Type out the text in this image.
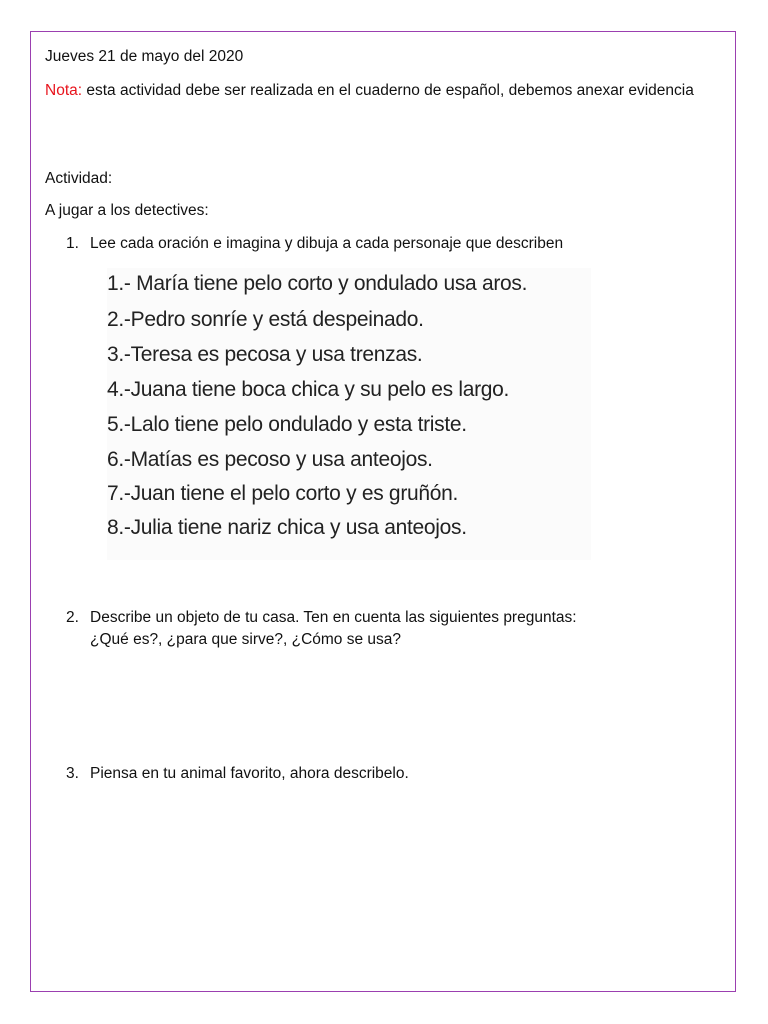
Jueves 21 de mayo del 2020
Nota: esta actividad debe ser realizada en el cuaderno de español, debemos anexar evidencia
Actividad:
A jugar a los detectives:
1. Lee cada oración e imagina y dibuja a cada personaje que describen
1.- María tiene pelo corto y ondulado usa aros.
2.-Pedro sonríe y está despeinado.
3.-Teresa es pecosa y usa trenzas.
4.-Juana tiene boca chica y su pelo es largo.
5.-Lalo tiene pelo ondulado y esta triste.
6.-Matías es pecoso y usa anteojos.
7.-Juan tiene el pelo corto y es gruñón.
8.-Julia tiene nariz chica y usa anteojos.
2. Describe un objeto de tu casa. Ten en cuenta las siguientes preguntas:
¿Qué es?, ¿para que sirve?, ¿Cómo se usa?
3. Piensa en tu animal favorito, ahora describelo.
